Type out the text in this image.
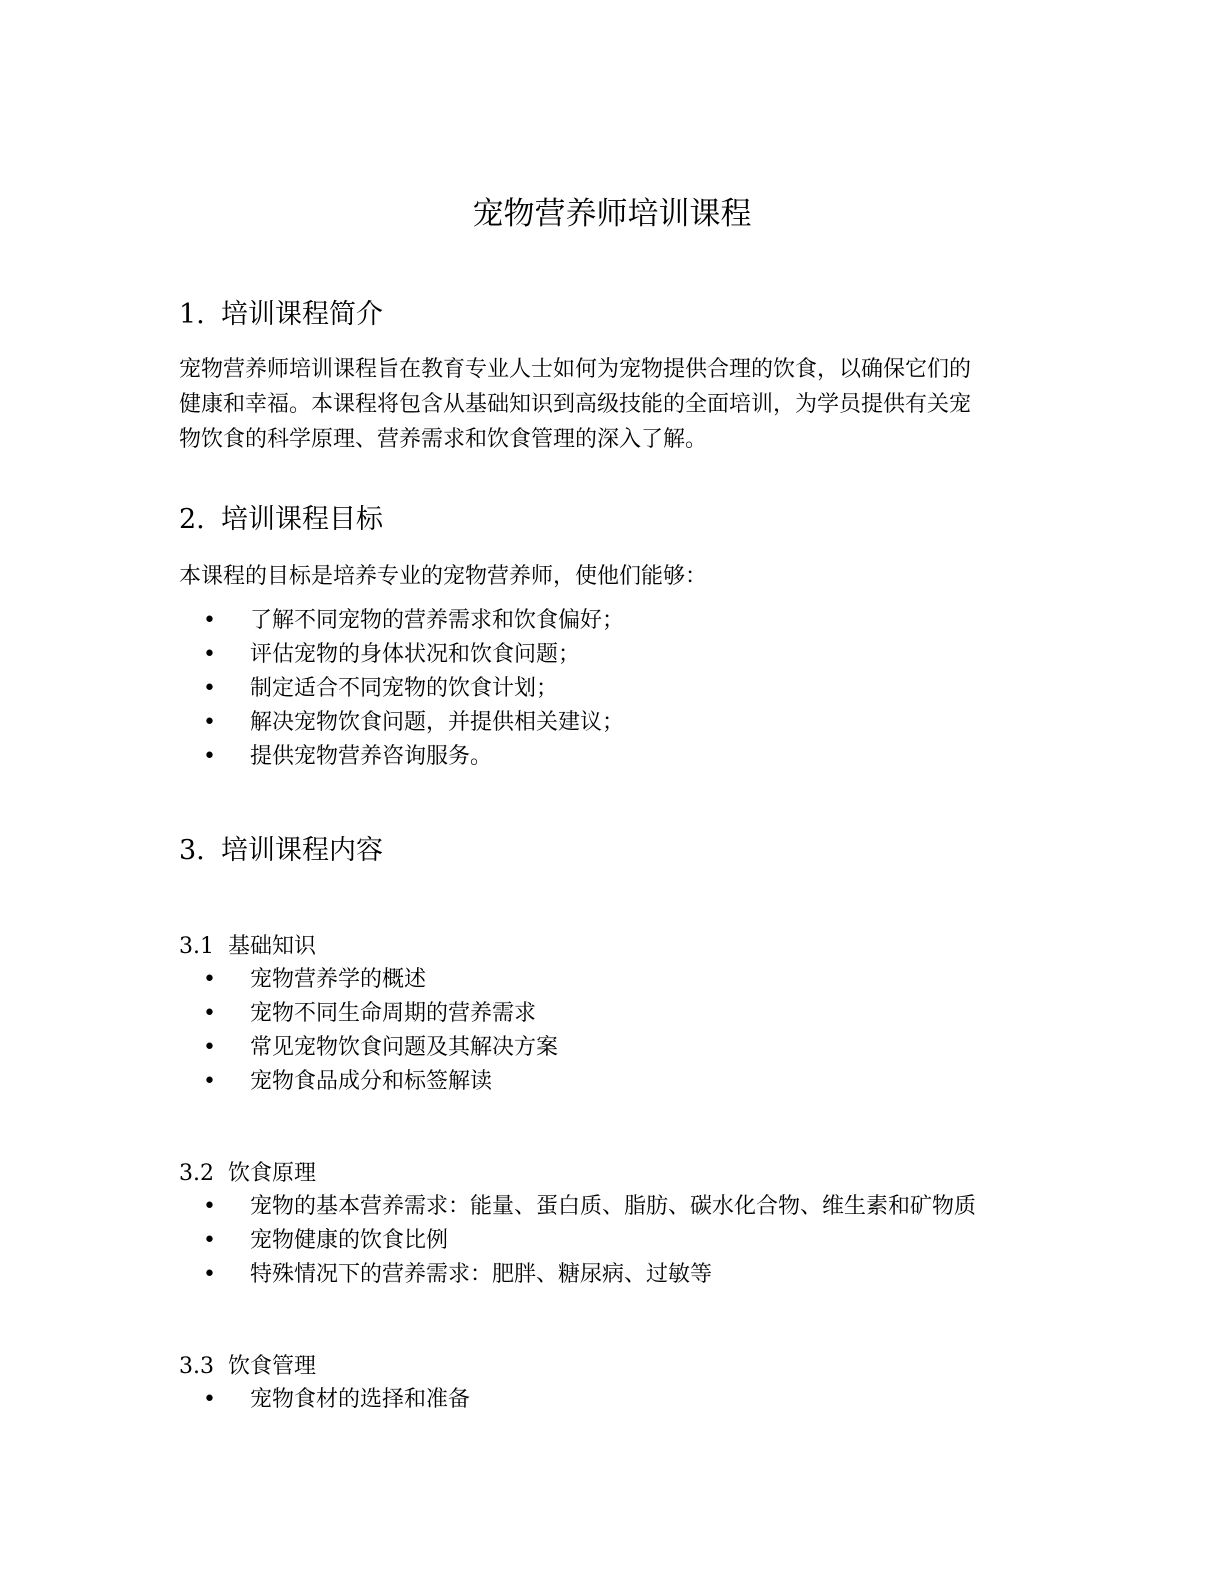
宠物营养师培训课程
1. 培训课程简介
宠物营养师培训课程旨在教育专业人士如何为宠物提供合理的饮食，以确保它们的
健康和幸福。本课程将包含从基础知识到高级技能的全面培训，为学员提供有关宠
物饮食的科学原理、营养需求和饮食管理的深入了解。
2. 培训课程目标

本课程的目标是培养专业的宠物营养师，使他们能够：

• 了解不同宠物的营养需求和饮食偏好；
• 评估宠物的身体状况和饮食问题；
• 制定适合不同宠物的饮食计划；
• 解决宠物饮食问题，并提供相关建议；
• 提供宠物营养咨询服务。
3. 培训课程内容
3.1 基础知识
• 宠物营养学的概述
• 宠物不同生命周期的营养需求
• 常见宠物饮食问题及其解决方案
• 宠物食品成分和标签解读
3.2 饮食原理
• 宠物的基本营养需求：能量、蛋白质、脂肪、碳水化合物、维生素和矿物质
• 宠物健康的饮食比例
• 特殊情况下的营养需求：肥胖、糖尿病、过敏等
3.3 饮食管理
• 宠物食材的选择和准备
